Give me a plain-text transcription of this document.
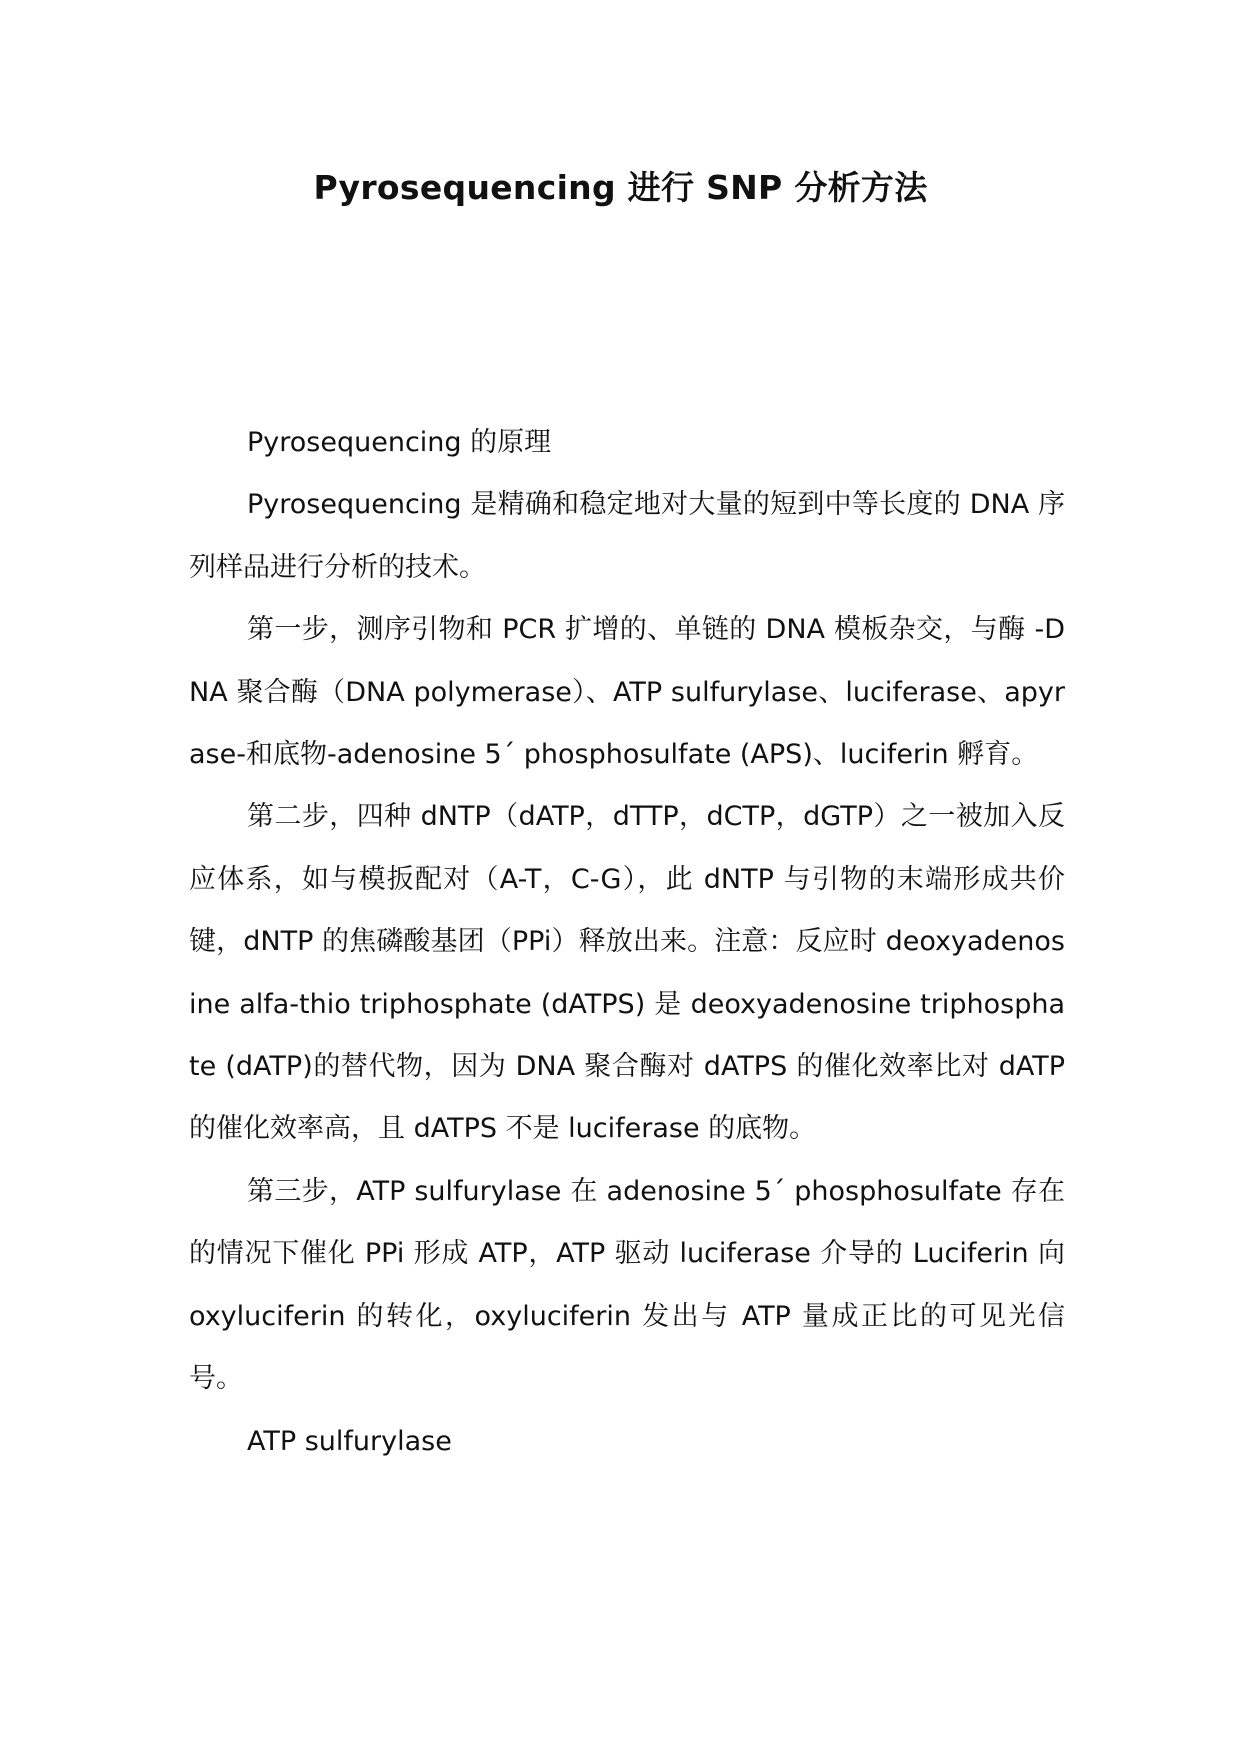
Pyrosequencing 进行 SNP 分析方法

Pyrosequencing 的原理

Pyrosequencing 是精确和稳定地对大量的短到中等长度的 DNA 序列样品进行分析的技术。

第一步，测序引物和 PCR 扩增的、单链的 DNA 模板杂交，与酶 -DNA 聚合酶（DNA polymerase）、ATP sulfurylase、luciferase、apyrase-和底物-adenosine 5´ phosphosulfate (APS)、luciferin 孵育。

第二步，四种 dNTP（dATP，dTTP，dCTP，dGTP）之一被加入反应体系，如与模扳配对（A-T，C-G），此 dNTP 与引物的末端形成共价键，dNTP 的焦磷酸基团（PPi）释放出来。注意：反应时 deoxyadenosine alfa-thio triphosphate (dATPS) 是 deoxyadenosine triphosphate (dATP)的替代物，因为 DNA 聚合酶对 dATPS 的催化效率比对 dATP 的催化效率高，且 dATPS 不是 luciferase 的底物。

第三步，ATP sulfurylase 在 adenosine 5´ phosphosulfate 存在的情况下催化 PPi 形成 ATP，ATP 驱动 luciferase 介导的 Luciferin 向 oxyluciferin 的转化，oxyluciferin 发出与 ATP 量成正比的可见光信号。

ATP sulfurylase
